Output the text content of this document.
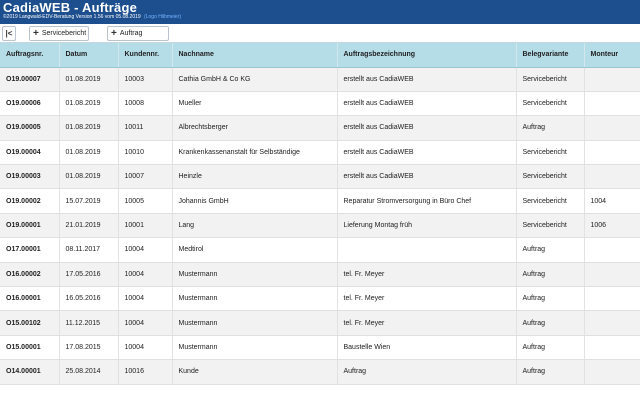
CadiaWEB - Aufträge
©2019 Langwald-EDV-Beratung Version 1.56 vom 05.08.2019 (Logo Hilbmeier)
|< + Servicebericht + Auftrag
Auftragsnr.	Datum	Kundennr.	Nachname	Auftragsbezeichnung	Belegvariante	Monteur
O19.00007	01.08.2019	10003	Cathia GmbH & Co KG	erstellt aus CadiaWEB	Servicebericht	
O19.00006	01.08.2019	10008	Mueller	erstellt aus CadiaWEB	Servicebericht	
O19.00005	01.08.2019	10011	Albrechtsberger	erstellt aus CadiaWEB	Auftrag	
O19.00004	01.08.2019	10010	Krankenkassenanstalt für Selbständige	erstellt aus CadiaWEB	Servicebericht	
O19.00003	01.08.2019	10007	Heinzle	erstellt aus CadiaWEB	Servicebericht	
O19.00002	15.07.2019	10005	Johannis GmbH	Reparatur Stromversorgung in Büro Chef	Servicebericht	1004
O19.00001	21.01.2019	10001	Lang	Lieferung Montag früh	Servicebericht	1006
O17.00001	08.11.2017	10004	Medtirol		Auftrag	
O16.00002	17.05.2016	10004	Mustermann	tel. Fr. Meyer	Auftrag	
O16.00001	16.05.2016	10004	Mustermann	tel. Fr. Meyer	Auftrag	
O15.00102	11.12.2015	10004	Mustermann	tel. Fr. Meyer	Auftrag	
O15.00001	17.08.2015	10004	Mustermann	Baustelle Wien	Auftrag	
O14.00001	25.08.2014	10016	Kunde	Auftrag	Auftrag	
